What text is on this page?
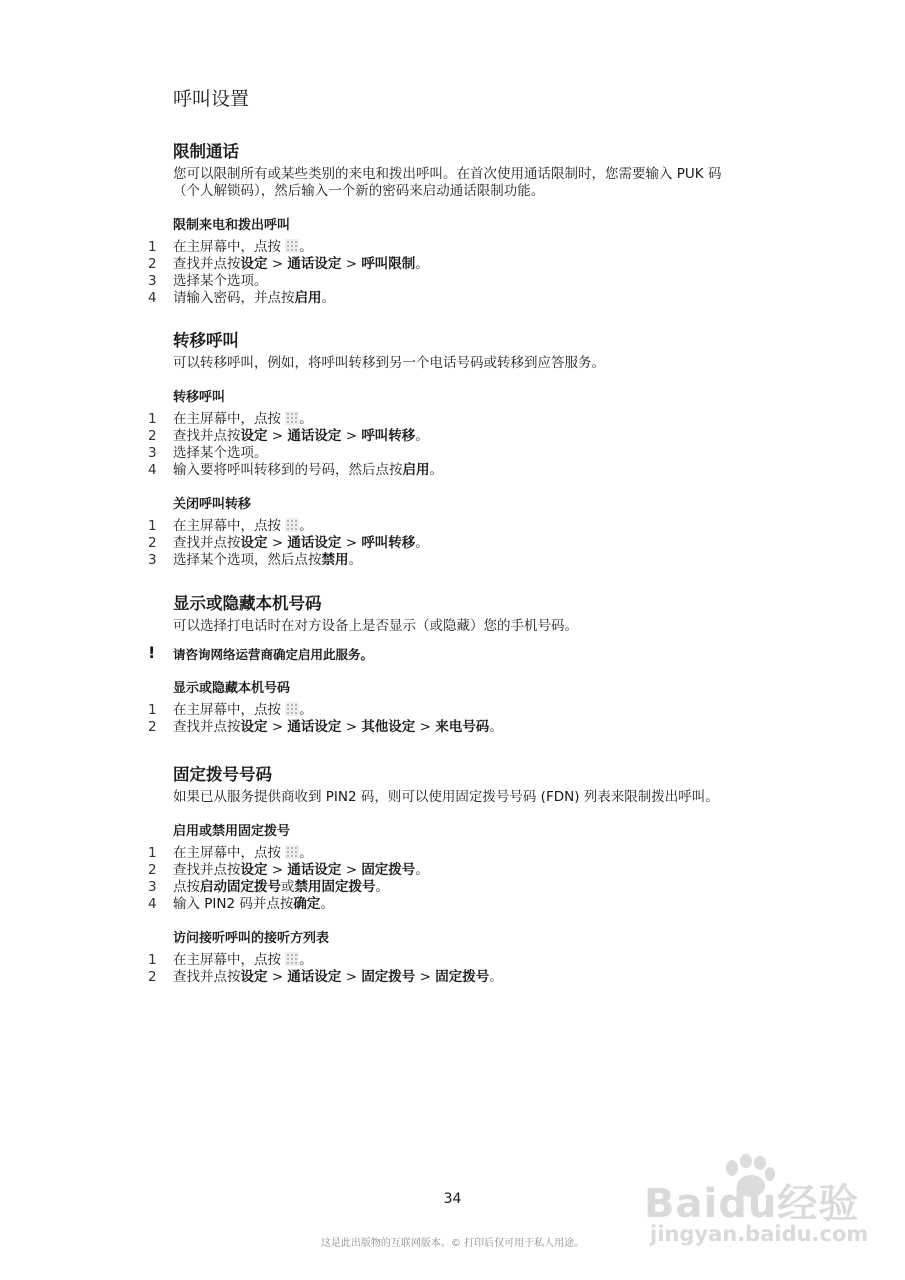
呼叫设置
限制通话

您可以限制所有或某些类别的来电和拨出呼叫。在首次使用通话限制时，您需要输入 PUK 码（个人解锁码），然后输入一个新的密码来启动通话限制功能。

限制来电和拨出呼叫
1	在主屏幕中，点按 。
2	查找并点按设定 > 通话设定 > 呼叫限制。
3	选择某个选项。
4	请输入密码，并点按启用。
转移呼叫

可以转移呼叫，例如，将呼叫转移到另一个电话号码或转移到应答服务。

转移呼叫
1	在主屏幕中，点按 。
2	查找并点按设定 > 通话设定 > 呼叫转移。
3	选择某个选项。
4	输入要将呼叫转移到的号码，然后点按启用。
关闭呼叫转移
1	在主屏幕中，点按 。
2	查找并点按设定 > 通话设定 > 呼叫转移。
3	选择某个选项，然后点按禁用。
显示或隐藏本机号码

可以选择打电话时在对方设备上是否显示（或隐藏）您的手机号码。

!	请咨询网络运营商确定启用此服务。
显示或隐藏本机号码
1	在主屏幕中，点按 。
2	查找并点按设定 > 通话设定 > 其他设定 > 来电号码。
固定拨号号码

如果已从服务提供商收到 PIN2 码，则可以使用固定拨号号码 (FDN) 列表来限制拨出呼叫。

启用或禁用固定拨号
1	在主屏幕中，点按 。
2	查找并点按设定 > 通话设定 > 固定拨号。
3	点按启动固定拨号或禁用固定拨号。
4	输入 PIN2 码并点按确定。
访问接听呼叫的接听方列表
1	在主屏幕中，点按 。
2	查找并点按设定 > 通话设定 > 固定拨号 > 固定拨号。
34
这是此出版物的互联网版本。© 打印后仅可用于私人用途。
Baidu经验
jingyan.baidu.com
